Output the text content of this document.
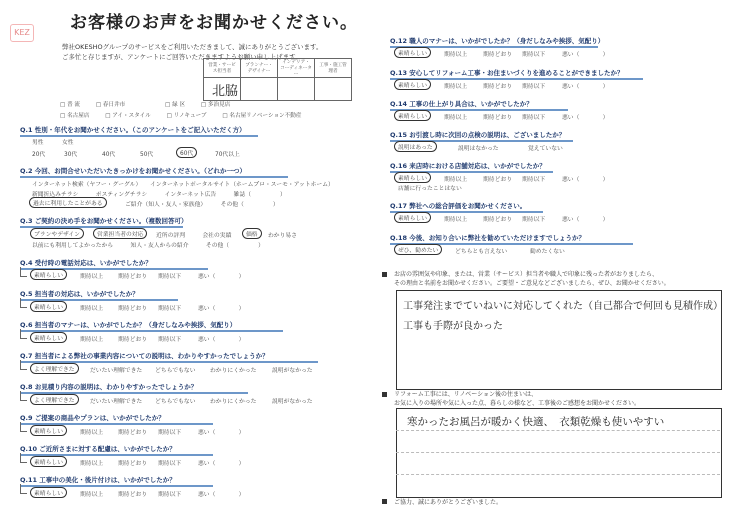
KEZ お客様のお声をお聞かせください。
弊社OKESHOグループのサービスをご利用いただきまして、誠にありがとうございます。
ご多忙と存じますが、アンケートにご回答いただきますようお願い申し上げます。
営業・サービス担当者	プランナー・デザイナー	インテリア・コーディネーター	工事・施工管理者

北脇
□ 普 流	□ 春日井市	□ 緑 区	□ 多治見店
□ 名古屋店	□ アイ・スタイル	□ リノキューブ	□ 名古屋リノベーション不動産
Q.1 性別・年代をお聞かせください。（このアンケートをご記入いただく方）
男性	女性
20代	30代	40代	50代	60代	70代以上
Q.2 今回、お問合せいただいたきっかけをお聞かせください。（どれか一つ）
インターネット検索（ヤフー・グーグル）　　インターネットポータルサイト（ホームプロ・スーモ・アットホーム）
新聞折込みチラシ　　　ポスティングチラシ　　　インターネット広告　　　雑誌（　　　　　）
過去に利用したことがある	ご紹介（知人・友人・家族他）　　　その他（　　　　　）
Q.3 ご契約の決め手をお聞かせください。（複数回答可）
プランやデザイン	営業担当者の対応	近所の評判　　　会社の実績	価格	わかり易さ
以前にも利用してよかったから　　　知人・友人からの紹介　　　その他（　　　　　）
Q.4 受付時の電話対応は、いかがでしたか？
素晴らしい	期待以上	期待どおり 期待以下	悪い（　　　　）
Q.5 担当者の対応は、いかがでしたか？
素晴らしい	期待以上	期待どおり 期待以下	悪い（　　　　）
Q.6 担当者のマナーは、いかがでしたか？（身だしなみや挨拶、気配り）
素晴らしい	期待以上	期待どおり 期待以下	悪い（　　　　）
Q.7 担当者による弊社の事業内容についての説明は、わかりやすかったでしょうか？
よく理解できた	だいたい理解できた どちらでもない わかりにくかった	説明がなかった
Q.8 お見積り内容の説明は、わかりやすかったでしょうか？
よく理解できた	だいたい理解できた どちらでもない わかりにくかった	説明がなかった
Q.9 ご提案の商品やプランは、いかがでしたか？
素晴らしい	期待以上	期待どおり 期待以下	悪い（　　　　）
Q.10 ご近所さまに対する配慮は、いかがでしたか？
素晴らしい	期待以上	期待どおり 期待以下	悪い（　　　　）
Q.11 工事中の美化・後片付けは、いかがでしたか？
素晴らしい	期待以上	期待どおり 期待以下	悪い（　　　　）
Q.12 職人のマナーは、いかがでしたか？（身だしなみや挨拶、気配り）
素晴らしい	期待以上	期待どおり 期待以下	悪い（　　　　）
Q.13 安心してリフォーム工事・お住まいづくりを進めることができましたか？
素晴らしい	期待以上	期待どおり 期待以下	悪い（　　　　）
Q.14 工事の仕上がり具合は、いかがでしたか？
素晴らしい	期待以上	期待どおり 期待以下	悪い（　　　　）
Q.15 お引渡し時に次回の点検の説明は、ございましたか？
説明はあった	説明はなかった	覚えていない
Q.16 来店時における店舗対応は、いかがでしたか？
素晴らしい	期待以上	期待どおり 期待以下	悪い（　　　　）
店舗に行ったことはない
Q.17 弊社への総合評価をお聞かせください。
素晴らしい	期待以上	期待どおり 期待以下	悪い（　　　　）
Q.18 今後、お知り合いに弊社を勧めていただけますでしょうか？
ぜひ、勧めたい	どちらとも言えない	勧めたくない
お店の雰囲気や印象、または、営業（サービス）担当者や職人で印象に残った者がおりましたら、
その理由と名前をお聞かせください。ご要望・ご意見などございましたら、ぜひ、お聞かせください。
工事発注までていねいに対応してくれた（自己都合で何回も見積作成）
工事も手際が良かった
リフォーム工事には、リノベーション後の住まいは、
お気に入りの場所や気に入った点、暮らしの様など、工事後のご感想をお聞かせください。
寒かったお風呂が暖かく快適、　衣類乾燥も使いやすい
ご協力、誠にありがとうございました。
